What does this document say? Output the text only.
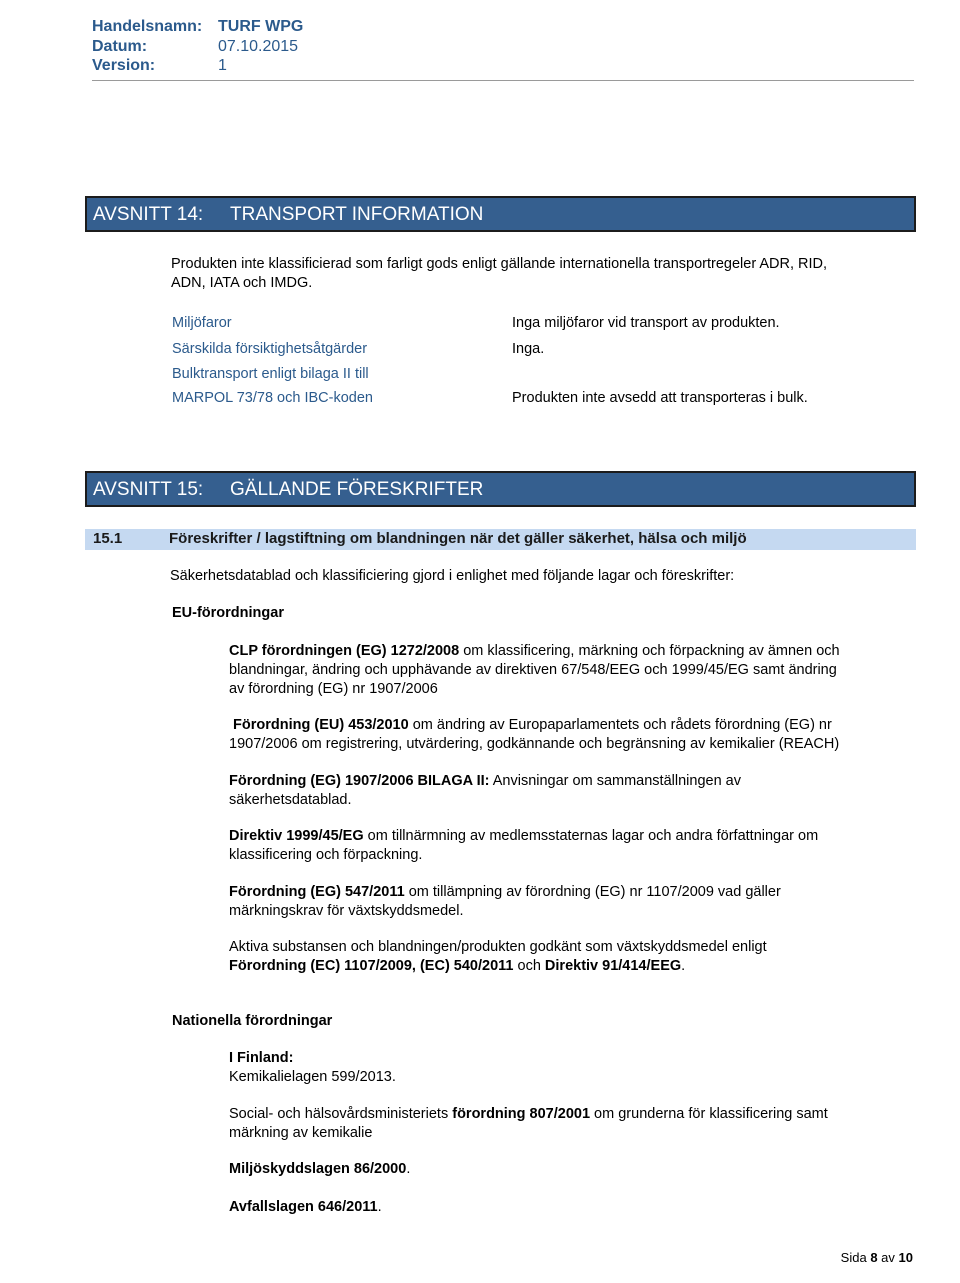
Handelsnamn: TURF WPG
Datum:	07.10.2015
Version:	1
AVSNITT 14: TRANSPORT INFORMATION
Produkten inte klassificierad som farligt gods enligt gällande internationella transportregeler ADR, RID,
ADN, IATA och IMDG.
Miljöfaror	Inga miljöfaror vid transport av produkten.
Särskilda försiktighetsåtgärder	Inga.
Bulktransport enligt bilaga II till
MARPOL 73/78 och IBC-koden	Produkten inte avsedd att transporteras i bulk.
AVSNITT 15: GÄLLANDE FÖRESKRIFTER
15.1	Föreskrifter / lagstiftning om blandningen när det gäller säkerhet, hälsa och miljö
Säkerhetsdatablad och klassificiering gjord i enlighet med följande lagar och föreskrifter:
EU-förordningar
CLP förordningen (EG) 1272/2008 om klassificering, märkning och förpackning av ämnen och
blandningar, ändring och upphävande av direktiven 67/548/EEG och 1999/45/EG samt ändring
av förordning (EG) nr 1907/2006
Förordning (EU) 453/2010 om ändring av Europaparlamentets och rådets förordning (EG) nr
1907/2006 om registrering, utvärdering, godkännande och begränsning av kemikalier (REACH)
Förordning (EG) 1907/2006 BILAGA II: Anvisningar om sammanställningen av
säkerhetsdatablad.
Direktiv 1999/45/EG om tillnärmning av medlemsstaternas lagar och andra författningar om
klassificering och förpackning.
Förordning (EG) 547/2011 om tillämpning av förordning (EG) nr 1107/2009 vad gäller
märkningskrav för växtskyddsmedel.
Aktiva substansen och blandningen/produkten godkänt som växtskyddsmedel enligt
Förordning (EC) 1107/2009, (EC) 540/2011 och Direktiv 91/414/EEG.
Nationella förordningar
I Finland:
Kemikalielagen 599/2013.
Social- och hälsovårdsministeriets förordning 807/2001 om grunderna för klassificering samt
märkning av kemikalie
Miljöskyddslagen 86/2000.
Avfallslagen 646/2011.
Sida 8 av 10
